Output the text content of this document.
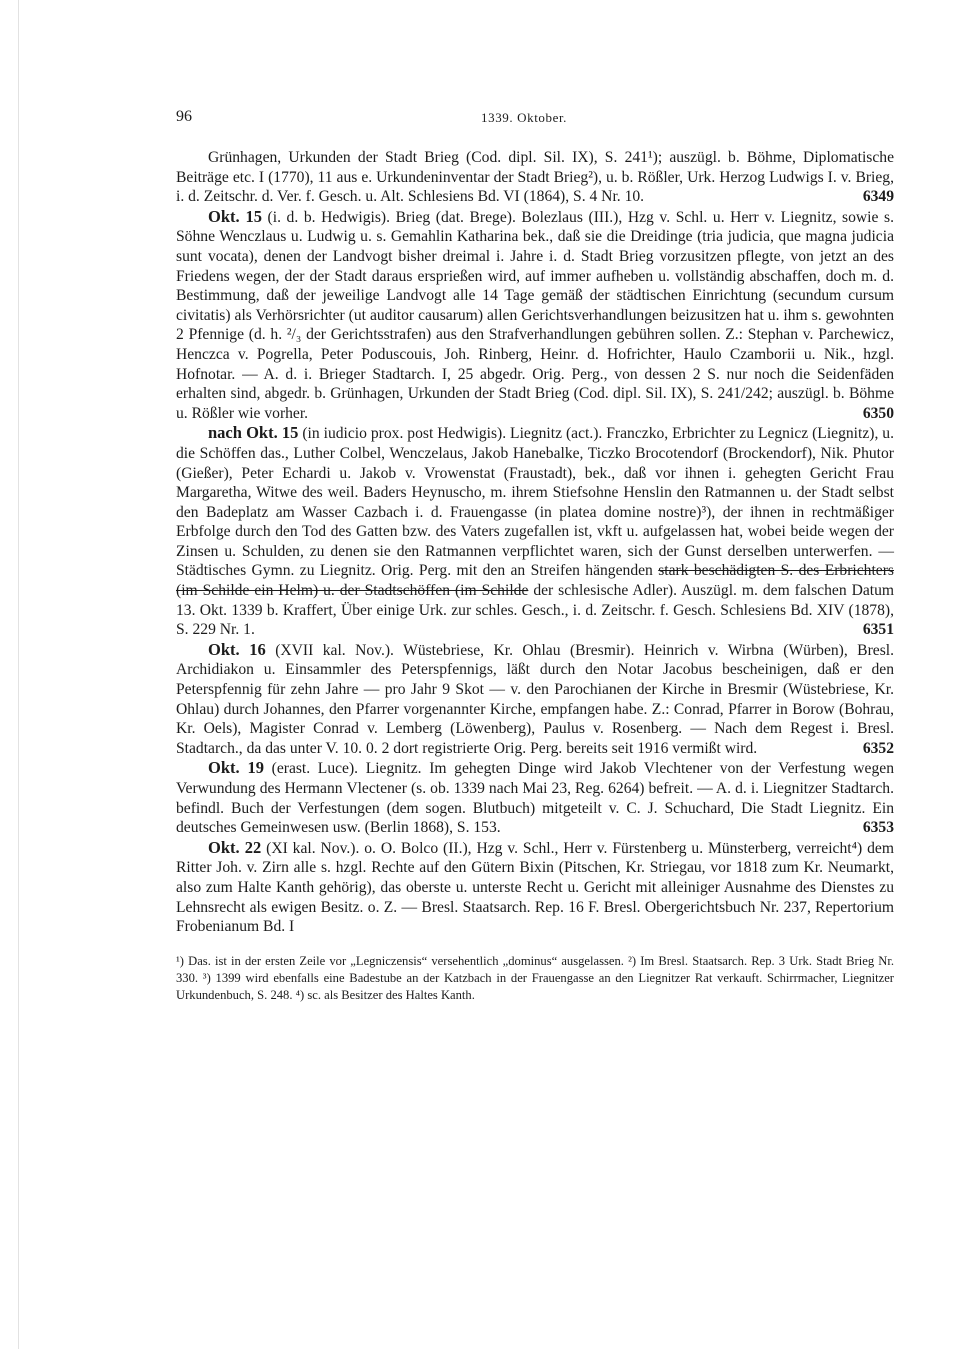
96	1339. Oktober.

Grünhagen, Urkunden der Stadt Brieg (Cod. dipl. Sil. IX), S. 241¹); auszügl. b. Böhme, Diplomatische Beiträge etc. I (1770), 11 aus e. Urkundeninventar der Stadt Brieg²), u. b. Rößler, Urk. Herzog Ludwigs I. v. Brieg, i. d. Zeitschr. d. Ver. f. Gesch. u. Alt. Schlesiens Bd. VI (1864), S. 4 Nr. 10.	6349

Okt. 15 (i. d. b. Hedwigis). Brieg (dat. Brege). Bolezlaus (III.), Hzg v. Schl. u. Herr v. Liegnitz, sowie s. Söhne Wenczlaus u. Ludwig u. s. Gemahlin Katharina bek., daß sie die Dreidinge (tria judicia, que magna judicia sunt vocata), denen der Landvogt bisher dreimal i. Jahre i. d. Stadt Brieg vorzusitzen pflegte, von jetzt an des Friedens wegen, der der Stadt daraus ersprießen wird, auf immer aufheben u. vollständig abschaffen, doch m. d. Bestimmung, daß der jeweilige Landvogt alle 14 Tage gemäß der städtischen Einrichtung (secundum cursum civitatis) als Verhörsrichter (ut auditor causarum) allen Gerichtsverhandlungen beizusitzen hat u. ihm s. gewohnten 2 Pfennige (d. h. ²/₃ der Gerichtsstrafen) aus den Strafverhandlungen gebühren sollen. Z.: Stephan v. Parchewicz, Henczca v. Pogrella, Peter Poduscouis, Joh. Rinberg, Heinr. d. Hofrichter, Haulo Czamborii u. Nik., hzgl. Hofnotar. — A. d. i. Brieger Stadtarch. I, 25 abgedr. Orig. Perg., von dessen 2 S. nur noch die Seidenfäden erhalten sind, abgedr. b. Grünhagen, Urkunden der Stadt Brieg (Cod. dipl. Sil. IX), S. 241/242; auszügl. b. Böhme u. Rößler wie vorher.	6350

nach Okt. 15 (in iudicio prox. post Hedwigis). Liegnitz (act.). Franczko, Erbrichter zu Legnicz (Liegnitz), u. die Schöffen das., Luther Colbel, Wenczelaus, Jakob Hanebalke, Ticzko Brocotendorf (Brockendorf), Nik. Phutor (Gießer), Peter Echardi u. Jakob v. Vrowenstat (Fraustadt), bek., daß vor ihnen i. gehegten Gericht Frau Margaretha, Witwe des weil. Baders Heynuscho, m. ihrem Stiefsohne Henslin den Ratmannen u. der Stadt selbst den Badeplatz am Wasser Cazbach i. d. Frauengasse (in platea domine nostre)³), der ihnen in rechtmäßiger Erbfolge durch den Tod des Gatten bzw. des Vaters zugefallen ist, vkft u. aufgelassen hat, wobei beide wegen der Zinsen u. Schulden, zu denen sie den Ratmannen verpflichtet waren, sich der Gunst derselben unterwerfen. — Städtisches Gymn. zu Liegnitz. Orig. Perg. mit den an Streifen hängenden stark beschädigten S. des Erbrichters (im Schilde ein Helm) u. der Stadtschöffen (im Schilde der schlesische Adler). Auszügl. m. dem falschen Datum 13. Okt. 1339 b. Kraffert, Über einige Urk. zur schles. Gesch., i. d. Zeitschr. f. Gesch. Schlesiens Bd. XIV (1878), S. 229 Nr. 1.	6351

Okt. 16 (XVII kal. Nov.). Wüstebriese, Kr. Ohlau (Bresmir). Heinrich v. Wirbna (Würben), Bresl. Archidiakon u. Einsammler des Peterspfennigs, läßt durch den Notar Jacobus bescheinigen, daß er den Peterspfennig für zehn Jahre — pro Jahr 9 Skot — v. den Parochianen der Kirche in Bresmir (Wüstebriese, Kr. Ohlau) durch Johannes, den Pfarrer vorgenannter Kirche, empfangen habe. Z.: Conrad, Pfarrer in Borow (Bohrau, Kr. Oels), Magister Conrad v. Lemberg (Löwenberg), Paulus v. Rosenberg. — Nach dem Regest i. Bresl. Stadtarch., da das unter V. 10. 0. 2 dort registrierte Orig. Perg. bereits seit 1916 vermißt wird.	6352

Okt. 19 (erast. Luce). Liegnitz. Im gehegten Dinge wird Jakob Vlechtener von der Verfestung wegen Verwundung des Hermann Vlectener (s. ob. 1339 nach Mai 23, Reg. 6264) befreit. — A. d. i. Liegnitzer Stadtarch. befindl. Buch der Verfestungen (dem sogen. Blutbuch) mitgeteilt v. C. J. Schuchard, Die Stadt Liegnitz. Ein deutsches Gemeinwesen usw. (Berlin 1868), S. 153.	6353

Okt. 22 (XI kal. Nov.). o. O. Bolco (II.), Hzg v. Schl., Herr v. Fürstenberg u. Münsterberg, verreicht⁴) dem Ritter Joh. v. Zirn alle s. hzgl. Rechte auf den Gütern Bixin (Pitschen, Kr. Striegau, vor 1818 zum Kr. Neumarkt, also zum Halte Kanth gehörig), das oberste u. unterste Recht u. Gericht mit alleiniger Ausnahme des Dienstes zu Lehnsrecht als ewigen Besitz. o. Z. — Bresl. Staatsarch. Rep. 16 F. Bresl. Obergerichtsbuch Nr. 237, Repertorium Frobenianum Bd. I

¹) Das. ist in der ersten Zeile vor „Legniczensis“ versehentlich „dominus“ ausgelassen. ²) Im Bresl. Staatsarch. Rep. 3 Urk. Stadt Brieg Nr. 330. ³) 1399 wird ebenfalls eine Badestube an der Katzbach in der Frauengasse an den Liegnitzer Rat verkauft. Schirrmacher, Liegnitzer Urkundenbuch, S. 248. ⁴) sc. als Besitzer des Haltes Kanth.
